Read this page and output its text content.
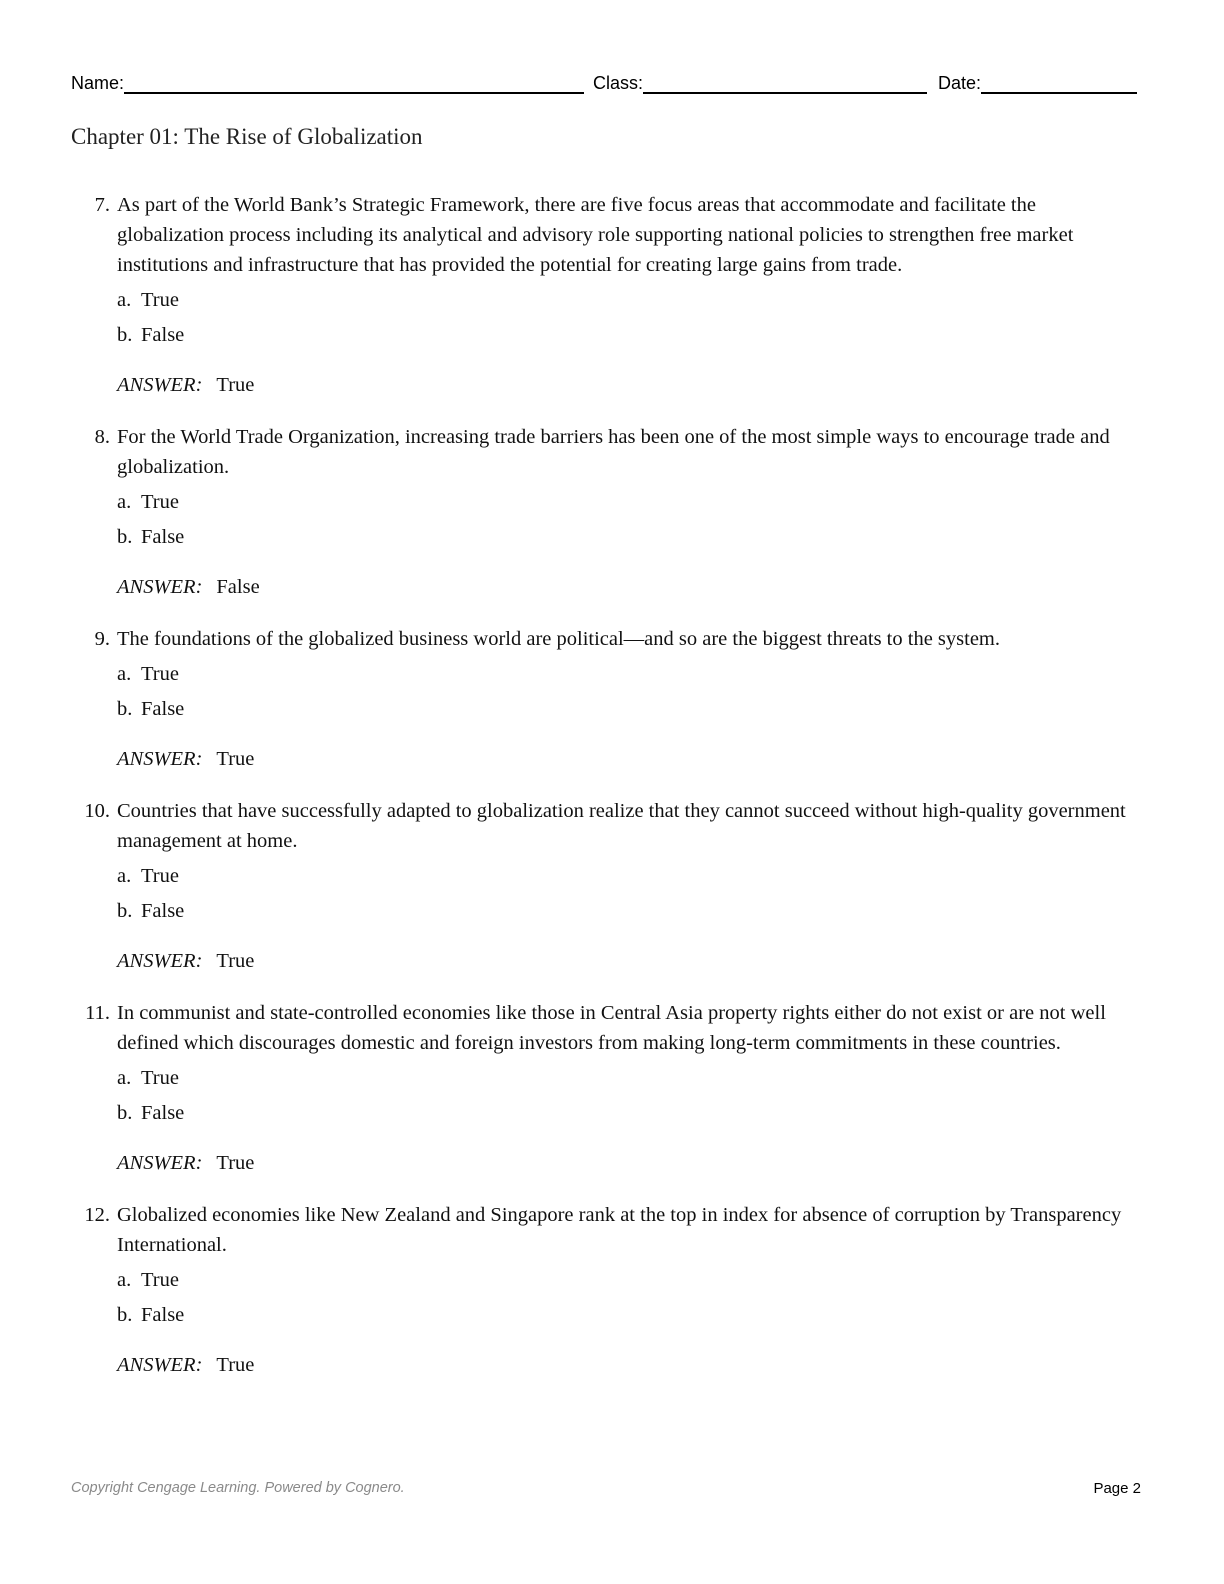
Name:	Class:	Date:
Chapter 01: The Rise of Globalization
7. As part of the World Bank’s Strategic Framework, there are five focus areas that accommodate and facilitate the globalization process including its analytical and advisory role supporting national policies to strengthen free market institutions and infrastructure that has provided the potential for creating large gains from trade.
a. True
b. False
ANSWER: True
8. For the World Trade Organization, increasing trade barriers has been one of the most simple ways to encourage trade and globalization.
a. True
b. False
ANSWER: False
9. The foundations of the globalized business world are political—and so are the biggest threats to the system.
a. True
b. False
ANSWER: True
10. Countries that have successfully adapted to globalization realize that they cannot succeed without high-quality government management at home.
a. True
b. False
ANSWER: True
11. In communist and state-controlled economies like those in Central Asia property rights either do not exist or are not well defined which discourages domestic and foreign investors from making long-term commitments in these countries.
a. True
b. False
ANSWER: True
12. Globalized economies like New Zealand and Singapore rank at the top in index for absence of corruption by Transparency International.
a. True
b. False
ANSWER: True
Copyright Cengage Learning. Powered by Cognero.	Page 2
